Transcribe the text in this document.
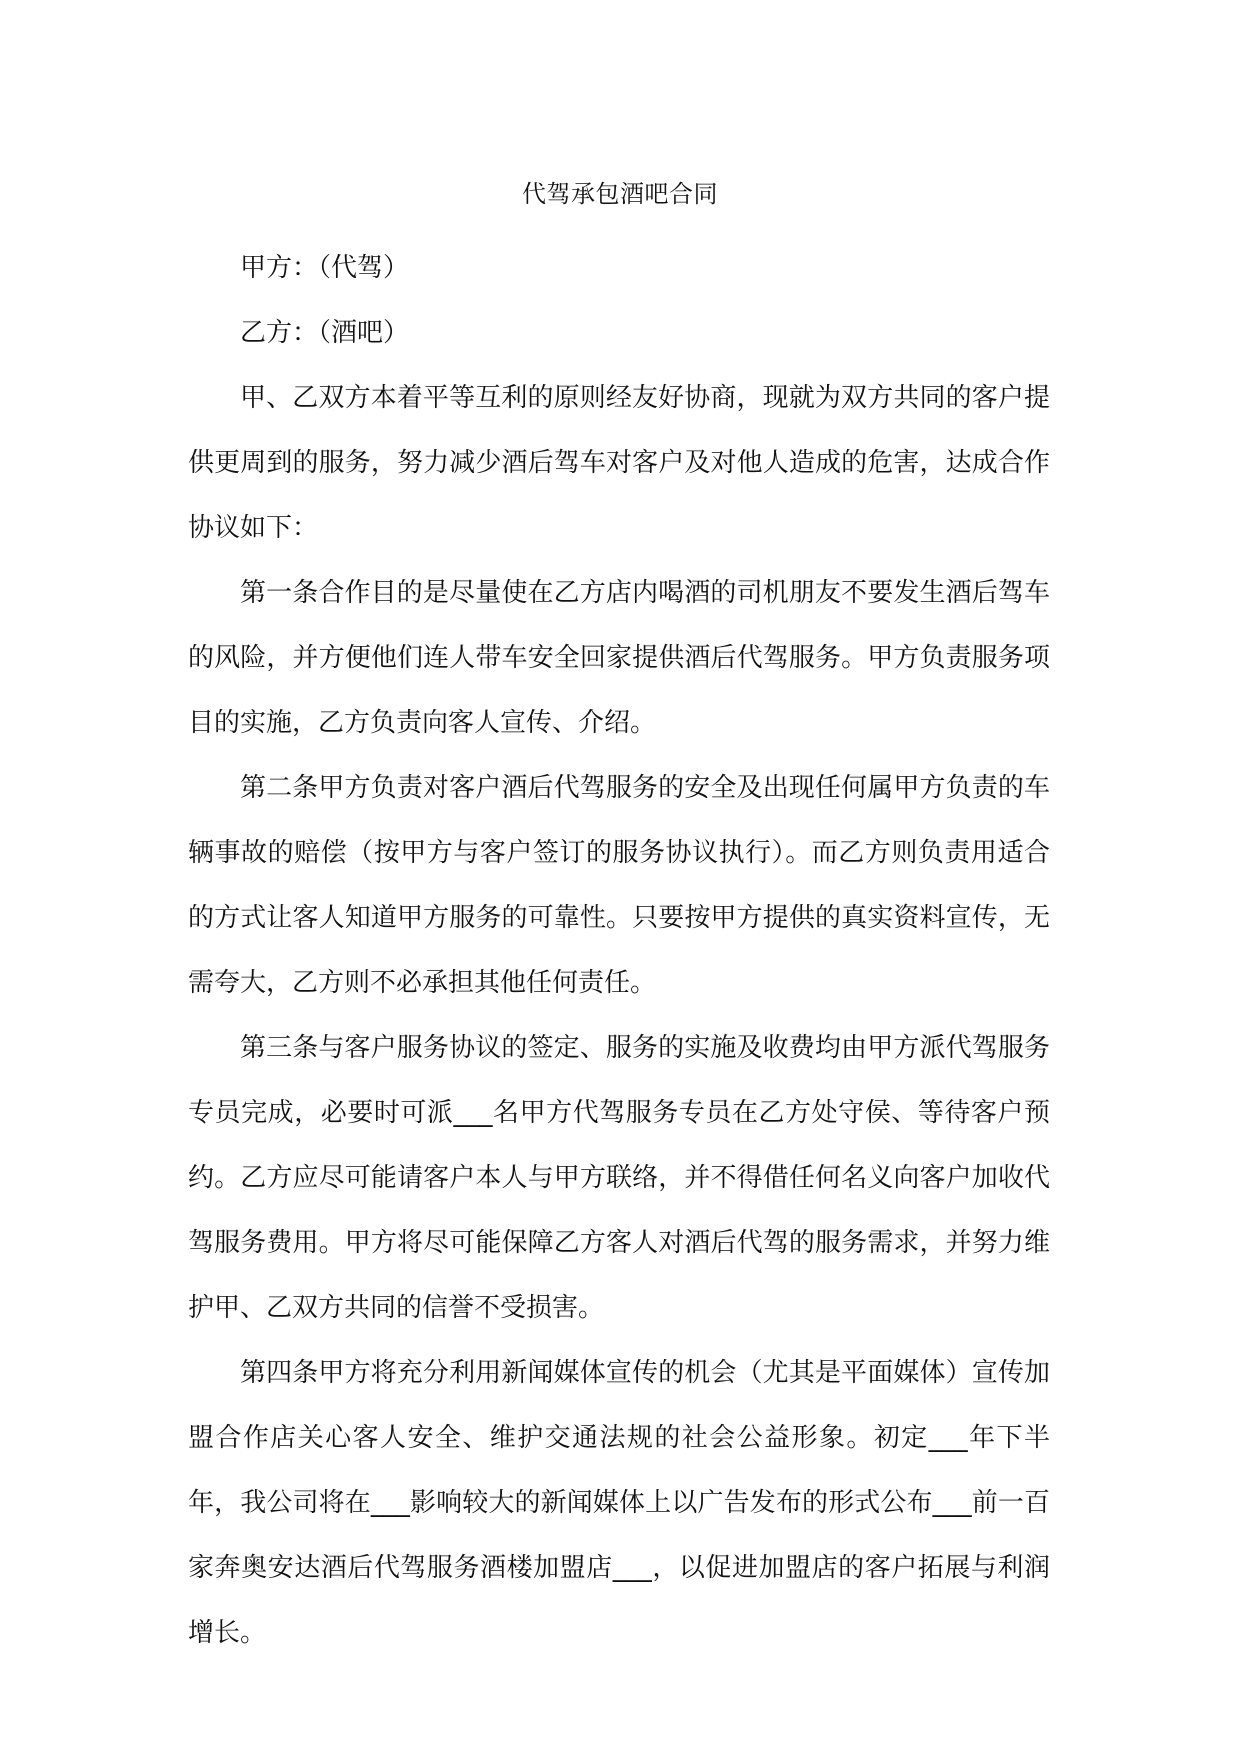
代驾承包酒吧合同

甲方：（代驾）

乙方：（酒吧）

甲、乙双方本着平等互利的原则经友好协商，现就为双方共同的客户提供更周到的服务，努力减少酒后驾车对客户及对他人造成的危害，达成合作协议如下：

第一条合作目的是尽量使在乙方店内喝酒的司机朋友不要发生酒后驾车的风险，并方便他们连人带车安全回家提供酒后代驾服务。甲方负责服务项目的实施，乙方负责向客人宣传、介绍。

第二条甲方负责对客户酒后代驾服务的安全及出现任何属甲方负责的车辆事故的赔偿（按甲方与客户签订的服务协议执行）。而乙方则负责用适合的方式让客人知道甲方服务的可靠性。只要按甲方提供的真实资料宣传，无需夸大，乙方则不必承担其他任何责任。

第三条与客户服务协议的签定、服务的实施及收费均由甲方派代驾服务专员完成，必要时可派___名甲方代驾服务专员在乙方处守侯、等待客户预约。乙方应尽可能请客户本人与甲方联络，并不得借任何名义向客户加收代驾服务费用。甲方将尽可能保障乙方客人对酒后代驾的服务需求，并努力维护甲、乙双方共同的信誉不受损害。

第四条甲方将充分利用新闻媒体宣传的机会（尤其是平面媒体）宣传加盟合作店关心客人安全、维护交通法规的社会公益形象。初定___年下半年，我公司将在___影响较大的新闻媒体上以广告发布的形式公布___前一百家奔奥安达酒后代驾服务酒楼加盟店___，以促进加盟店的客户拓展与利润增长。
